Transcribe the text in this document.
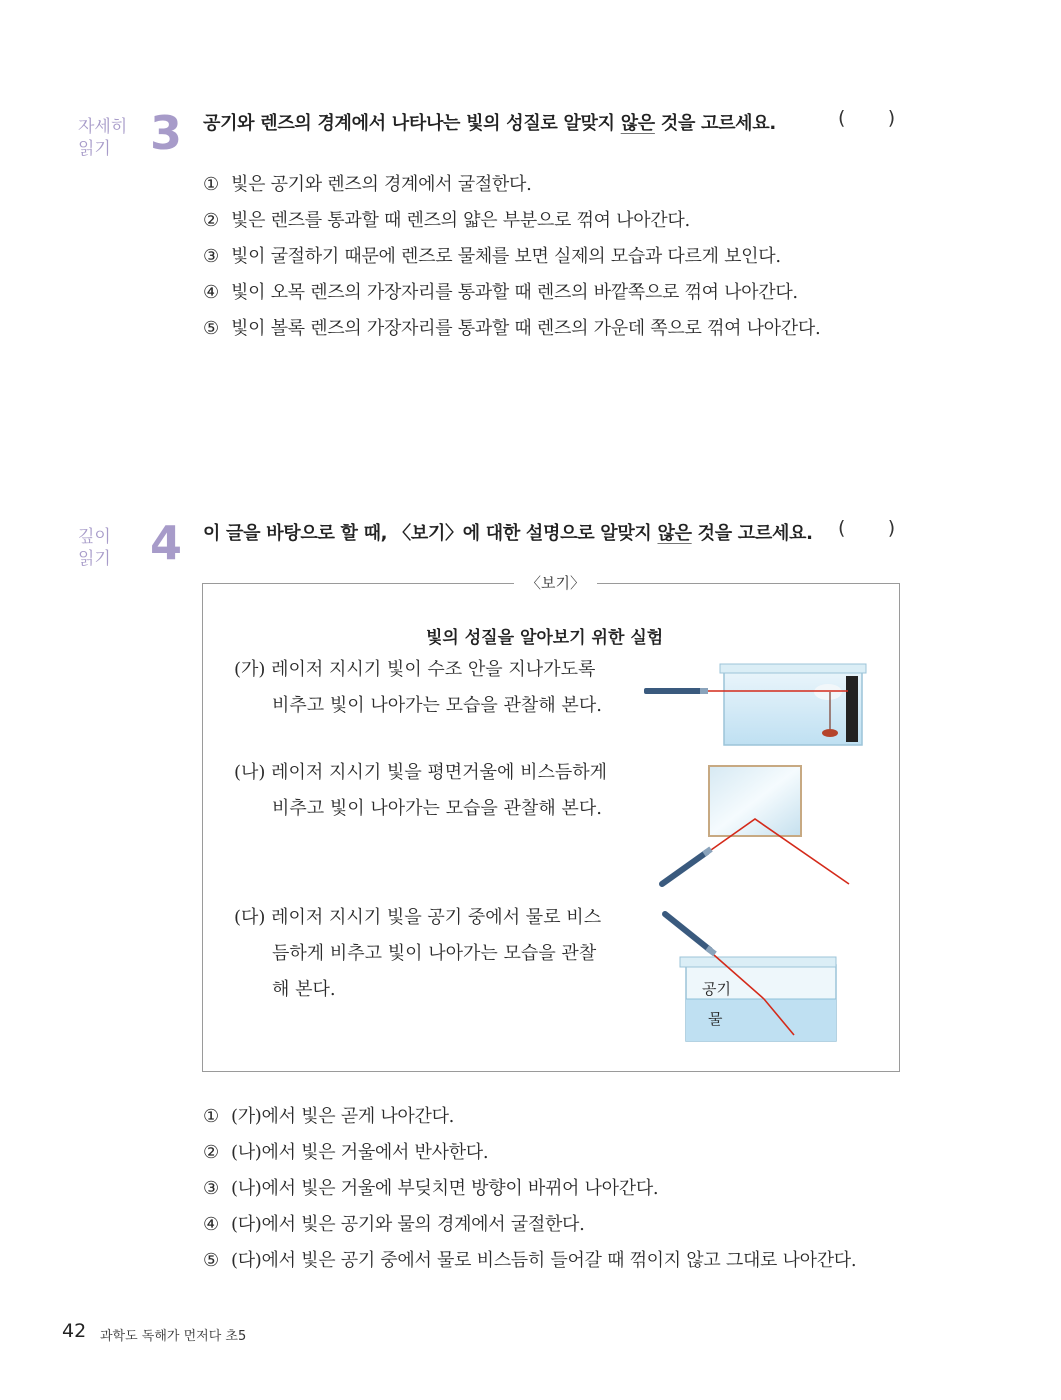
자세히
읽기 3 공기와 렌즈의 경계에서 나타나는 빛의 성질로 알맞지 않은 것을 고르세요.	(       )
① 빛은 공기와 렌즈의 경계에서 굴절한다.
② 빛은 렌즈를 통과할 때 렌즈의 얇은 부분으로 꺾여 나아간다.
③ 빛이 굴절하기 때문에 렌즈로 물체를 보면 실제의 모습과 다르게 보인다.
④ 빛이 오목 렌즈의 가장자리를 통과할 때 렌즈의 바깥쪽으로 꺾여 나아간다.
⑤ 빛이 볼록 렌즈의 가장자리를 통과할 때 렌즈의 가운데 쪽으로 꺾여 나아간다.
깊이
읽기 4 이 글을 바탕으로 할 때, 〈보기〉에 대한 설명으로 알맞지 않은 것을 고르세요. (       )
〈보기〉
빛의 성질을 알아보기 위한 실험
(가) 레이저 지시기 빛이 수조 안을 지나가도록
비추고 빛이 나아가는 모습을 관찰해 본다.
(나) 레이저 지시기 빛을 평면거울에 비스듬하게
비추고 빛이 나아가는 모습을 관찰해 본다.
(다) 레이저 지시기 빛을 공기 중에서 물로 비스
듬하게 비추고 빛이 나아가는 모습을 관찰
해 본다.	공기
물
① (가)에서 빛은 곧게 나아간다.
② (나)에서 빛은 거울에서 반사한다.
③ (나)에서 빛은 거울에 부딪치면 방향이 바뀌어 나아간다.
④ (다)에서 빛은 공기와 물의 경계에서 굴절한다.
⑤ (다)에서 빛은 공기 중에서 물로 비스듬히 들어갈 때 꺾이지 않고 그대로 나아간다.
42 과학도 독해가 먼저다 초5
